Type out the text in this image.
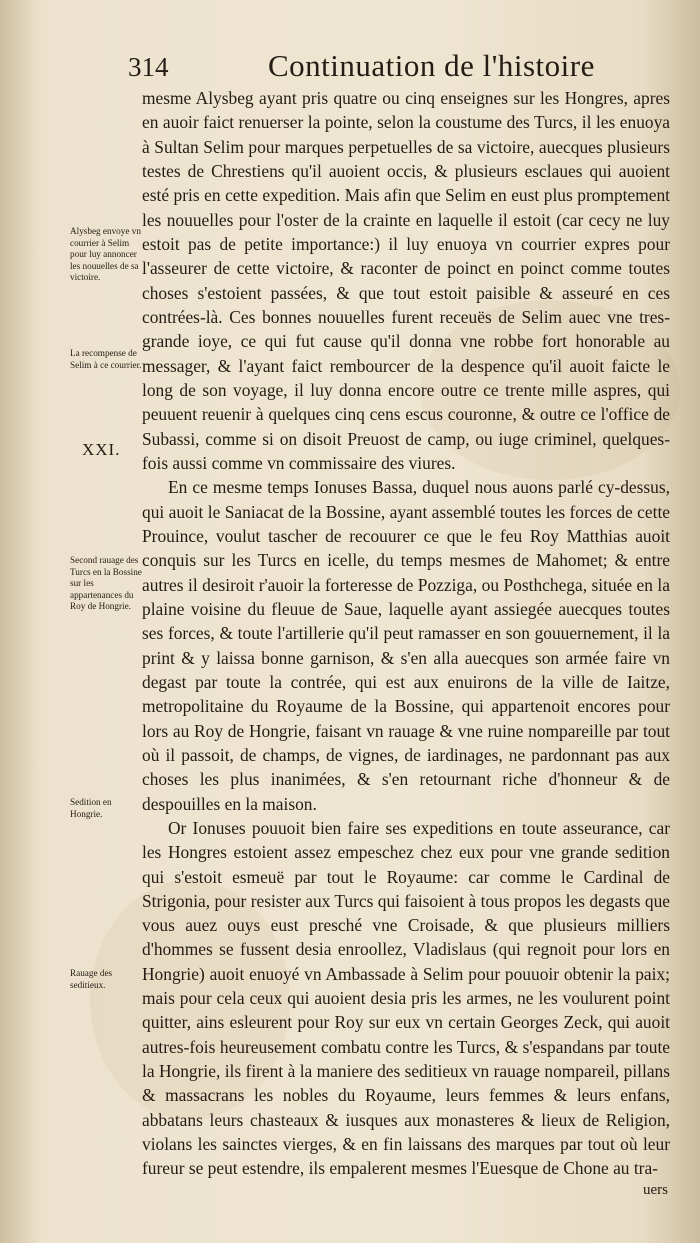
314	Continuation de l'histoire
Alysbeg envoye vn courrier à Selim pour luy annoncer les nouuelles de sa victoire.
La recompense de Selim à ce courrier.
XXI.
Second rauage des Turcs en la Bossine sur les appartenances du Roy de Hongrie.
Sedition en Hongrie.
Rauage des seditieux.

mesme Alysbeg ayant pris quatre ou cinq enseignes sur les Hongres, apres en auoir faict renuerser la pointe, selon la coustume des Turcs, il les enuoya à Sultan Selim pour marques perpetuelles de sa victoire, auecques plusieurs testes de Chrestiens qu'il auoient occis, & plusieurs esclaues qui auoient esté pris en cette expedition. Mais afin que Selim en eust plus promptement les nouuelles pour l'oster de la crainte en laquelle il estoit (car cecy ne luy estoit pas de petite importance:) il luy enuoya vn courrier expres pour l'asseurer de cette victoire, & raconter de poinct en poinct comme toutes choses s'estoient passées, & que tout estoit paisible & asseuré en ces contrées-là. Ces bonnes nouuelles furent receuës de Selim auec vne tres-grande ioye, ce qui fut cause qu'il donna vne robbe fort honorable au messager, & l'ayant faict rembourcer de la despence qu'il auoit faicte le long de son voyage, il luy donna encore outre ce trente mille aspres, qui peuuent reuenir à quelques cinq cens escus couronne, & outre ce l'office de Subassi, comme si on disoit Preuost de camp, ou iuge criminel, quelques-fois aussi comme vn commissaire des viures.

En ce mesme temps Ionuses Bassa, duquel nous auons parlé cy-dessus, qui auoit le Saniacat de la Bossine, ayant assemblé toutes les forces de cette Prouince, voulut tascher de recouurer ce que le feu Roy Matthias auoit conquis sur les Turcs en icelle, du temps mesmes de Mahomet; & entre autres il desiroit r'auoir la forteresse de Pozziga, ou Posthchega, située en la plaine voisine du fleuue de Saue, laquelle ayant assiegée auecques toutes ses forces, & toute l'artillerie qu'il peut ramasser en son gouuernement, il la print & y laissa bonne garnison, & s'en alla auecques son armée faire vn degast par toute la contrée, qui est aux enuirons de la ville de Iaitze, metropolitaine du Royaume de la Bossine, qui appartenoit encores pour lors au Roy de Hongrie, faisant vn rauage & vne ruine nompareille par tout où il passoit, de champs, de vignes, de iardinages, ne pardonnant pas aux choses les plus inanimées, & s'en retournant riche d'honneur & de despouilles en la maison.

Or Ionuses pouuoit bien faire ses expeditions en toute asseurance, car les Hongres estoient assez empeschez chez eux pour vne grande sedition qui s'estoit esmeuë par tout le Royaume: car comme le Cardinal de Strigonia, pour resister aux Turcs qui faisoient à tous propos les degasts que vous auez ouys eust presché vne Croisade, & que plusieurs milliers d'hommes se fussent desia enroollez, Vladislaus (qui regnoit pour lors en Hongrie) auoit enuoyé vn Ambassade à Selim pour pouuoir obtenir la paix; mais pour cela ceux qui auoient desia pris les armes, ne les voulurent point quitter, ains esleurent pour Roy sur eux vn certain Georges Zeck, qui auoit autres-fois heureusement combatu contre les Turcs, & s'espandans par toute la Hongrie, ils firent à la maniere des seditieux vn rauage nompareil, pillans & massacrans les nobles du Royaume, leurs femmes & leurs enfans, abbatans leurs chasteaux & iusques aux monasteres & lieux de Religion, violans les sainctes vierges, & en fin laissans des marques par tout où leur fureur se peut estendre, ils empalerent mesmes l'Euesque de Chone au tra-

uers
